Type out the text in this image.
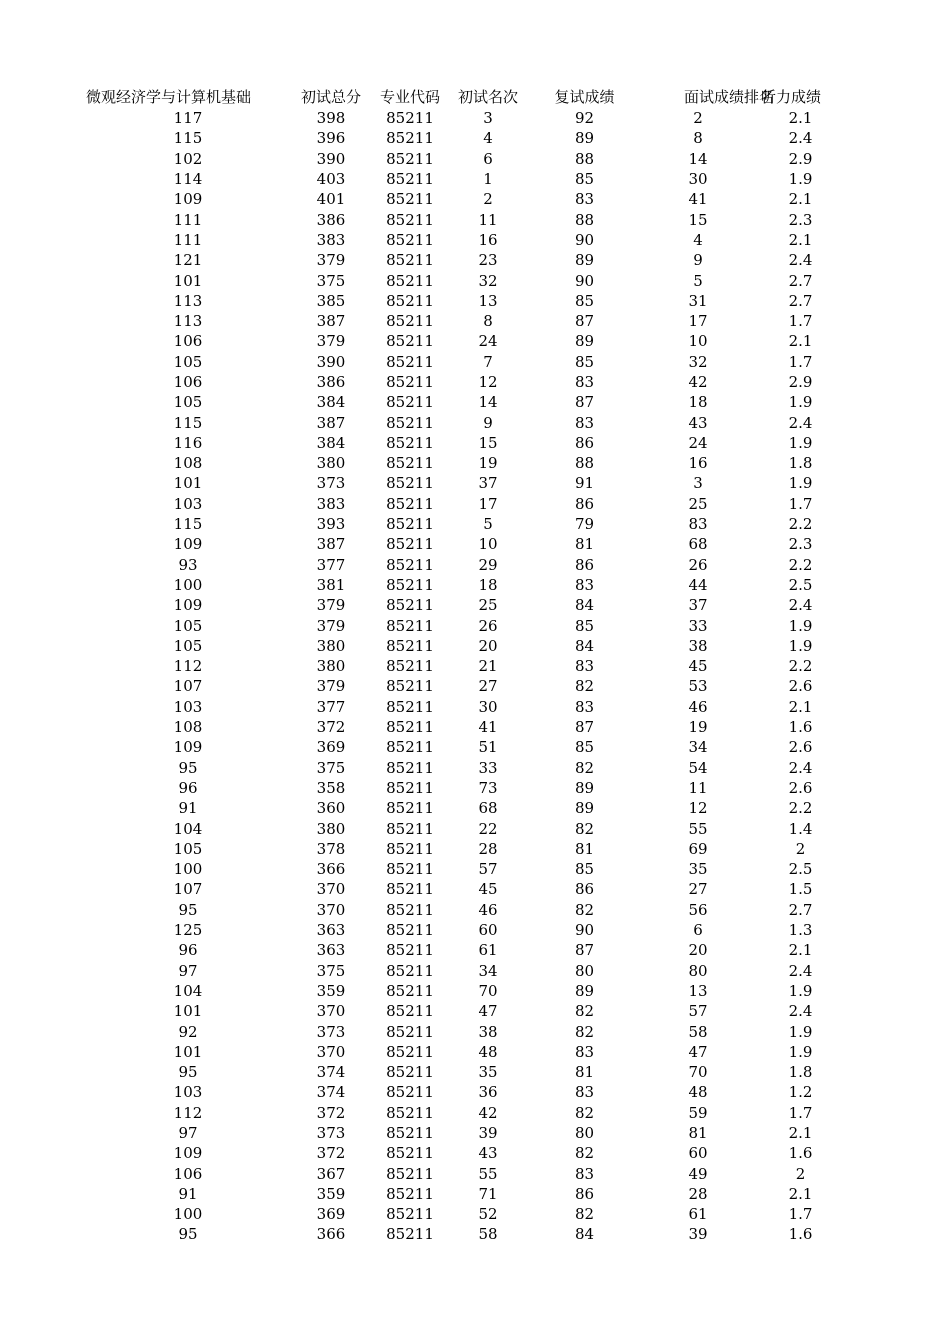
微观经济学与计算机基础	初试总分	专业代码	初试名次	复试成绩	面试成绩排名	听力成绩
117	398	85211	3	92	2	2.1
115	396	85211	4	89	8	2.4
102	390	85211	6	88	14	2.9
114	403	85211	1	85	30	1.9
109	401	85211	2	83	41	2.1
111	386	85211	11	88	15	2.3
111	383	85211	16	90	4	2.1
121	379	85211	23	89	9	2.4
101	375	85211	32	90	5	2.7
113	385	85211	13	85	31	2.7
113	387	85211	8	87	17	1.7
106	379	85211	24	89	10	2.1
105	390	85211	7	85	32	1.7
106	386	85211	12	83	42	2.9
105	384	85211	14	87	18	1.9
115	387	85211	9	83	43	2.4
116	384	85211	15	86	24	1.9
108	380	85211	19	88	16	1.8
101	373	85211	37	91	3	1.9
103	383	85211	17	86	25	1.7
115	393	85211	5	79	83	2.2
109	387	85211	10	81	68	2.3
93	377	85211	29	86	26	2.2
100	381	85211	18	83	44	2.5
109	379	85211	25	84	37	2.4
105	379	85211	26	85	33	1.9
105	380	85211	20	84	38	1.9
112	380	85211	21	83	45	2.2
107	379	85211	27	82	53	2.6
103	377	85211	30	83	46	2.1
108	372	85211	41	87	19	1.6
109	369	85211	51	85	34	2.6
95	375	85211	33	82	54	2.4
96	358	85211	73	89	11	2.6
91	360	85211	68	89	12	2.2
104	380	85211	22	82	55	1.4
105	378	85211	28	81	69	2
100	366	85211	57	85	35	2.5
107	370	85211	45	86	27	1.5
95	370	85211	46	82	56	2.7
125	363	85211	60	90	6	1.3
96	363	85211	61	87	20	2.1
97	375	85211	34	80	80	2.4
104	359	85211	70	89	13	1.9
101	370	85211	47	82	57	2.4
92	373	85211	38	82	58	1.9
101	370	85211	48	83	47	1.9
95	374	85211	35	81	70	1.8
103	374	85211	36	83	48	1.2
112	372	85211	42	82	59	1.7
97	373	85211	39	80	81	2.1
109	372	85211	43	82	60	1.6
106	367	85211	55	83	49	2
91	359	85211	71	86	28	2.1
100	369	85211	52	82	61	1.7
95	366	85211	58	84	39	1.6
